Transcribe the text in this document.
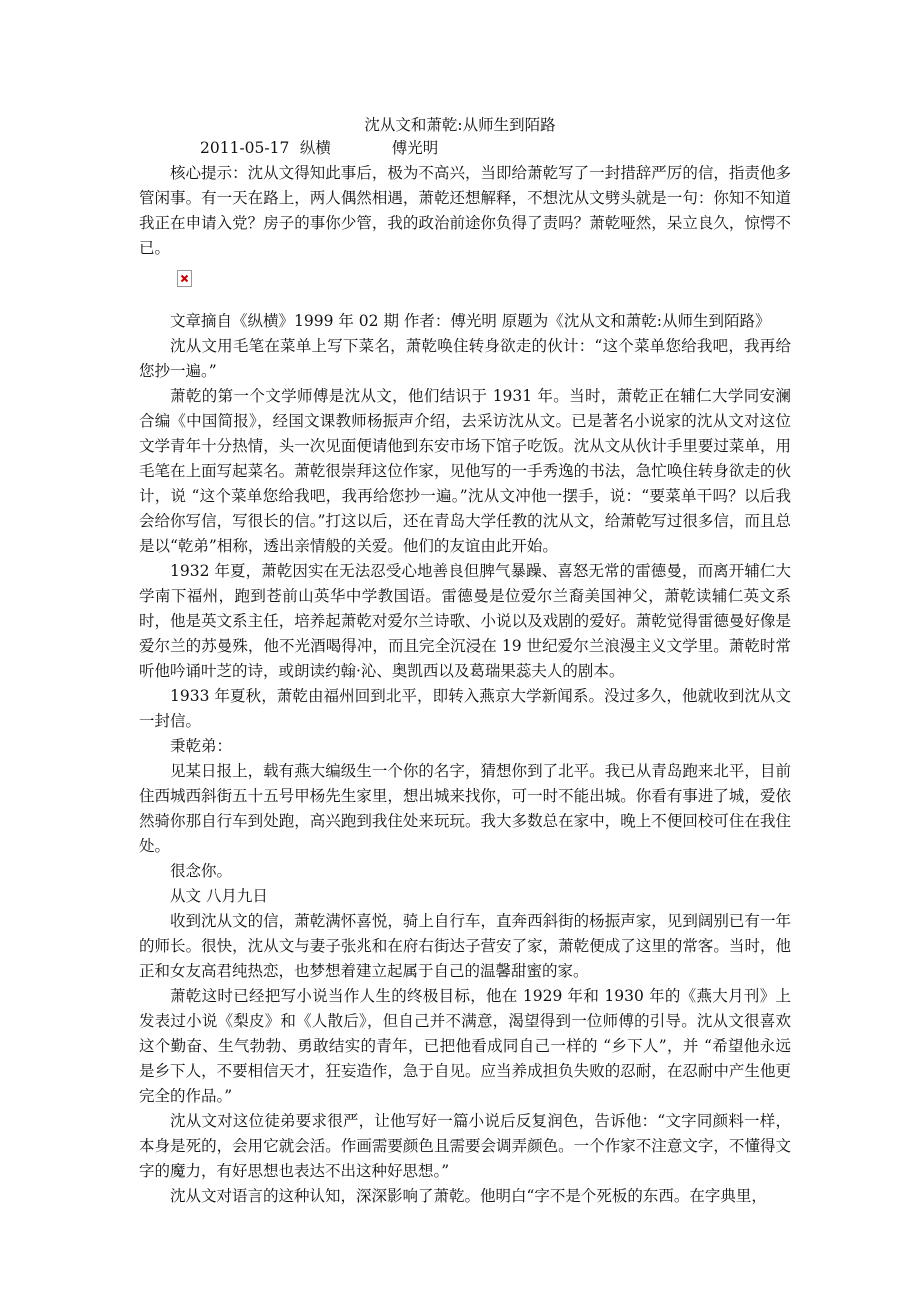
沈从文和萧乾:从师生到陌路
2011-05-17 纵横	傅光明

核心提示：沈从文得知此事后，极为不高兴，当即给萧乾写了一封措辞严厉的信，指责他多管闲事。有一天在路上，两人偶然相遇，萧乾还想解释，不想沈从文劈头就是一句：你知不知道我正在申请入党？房子的事你少管，我的政治前途你负得了责吗？萧乾哑然，呆立良久，惊愕不已。

文章摘自《纵横》1999 年 02 期 作者：傅光明 原题为《沈从文和萧乾:从师生到陌路》

沈从文用毛笔在菜单上写下菜名，萧乾唤住转身欲走的伙计：“这个菜单您给我吧，我再给您抄一遍。”

萧乾的第一个文学师傅是沈从文，他们结识于 1931 年。当时，萧乾正在辅仁大学同安澜合编《中国简报》，经国文课教师杨振声介绍，去采访沈从文。已是著名小说家的沈从文对这位文学青年十分热情，头一次见面便请他到东安市场下馆子吃饭。沈从文从伙计手里要过菜单，用毛笔在上面写起菜名。萧乾很崇拜这位作家，见他写的一手秀逸的书法，急忙唤住转身欲走的伙计，说 “这个菜单您给我吧，我再给您抄一遍。”沈从文冲他一摆手，说：“要菜单干吗？以后我会给你写信，写很长的信。”打这以后，还在青岛大学任教的沈从文，给萧乾写过很多信，而且总是以“乾弟”相称，透出亲情般的关爱。他们的友谊由此开始。

1932 年夏，萧乾因实在无法忍受心地善良但脾气暴躁、喜怒无常的雷德曼，而离开辅仁大学南下福州，跑到苍前山英华中学教国语。雷德曼是位爱尔兰裔美国神父，萧乾读辅仁英文系时，他是英文系主任，培养起萧乾对爱尔兰诗歌、小说以及戏剧的爱好。萧乾觉得雷德曼好像是爱尔兰的苏曼殊，他不光酒喝得冲，而且完全沉浸在 19 世纪爱尔兰浪漫主义文学里。萧乾时常听他吟诵叶芝的诗，或朗读约翰·沁、奥凯西以及葛瑞果蕊夫人的剧本。

1933 年夏秋，萧乾由福州回到北平，即转入燕京大学新闻系。没过多久，他就收到沈从文一封信。

秉乾弟：

见某日报上，载有燕大编级生一个你的名字，猜想你到了北平。我已从青岛跑来北平，目前住西城西斜街五十五号甲杨先生家里，想出城来找你，可一时不能出城。你看有事进了城，爱依然骑你那自行车到处跑，高兴跑到我住处来玩玩。我大多数总在家中，晚上不便回校可住在我住处。

很念你。

从文 八月九日

收到沈从文的信，萧乾满怀喜悦，骑上自行车，直奔西斜街的杨振声家，见到阔别已有一年的师长。很快，沈从文与妻子张兆和在府右街达子营安了家，萧乾便成了这里的常客。当时，他正和女友高君纯热恋，也梦想着建立起属于自己的温馨甜蜜的家。

萧乾这时已经把写小说当作人生的终极目标，他在 1929 年和 1930 年的《燕大月刊》上发表过小说《梨皮》和《人散后》，但自己并不满意，渴望得到一位师傅的引导。沈从文很喜欢这个勤奋、生气勃勃、勇敢结实的青年，已把他看成同自己一样的 “乡下人”，并 “希望他永远是乡下人，不要相信天才，狂妄造作，急于自见。应当养成担负失败的忍耐，在忍耐中产生他更完全的作品。”

沈从文对这位徒弟要求很严，让他写好一篇小说后反复润色，告诉他：“文字同颜料一样，本身是死的，会用它就会活。作画需要颜色且需要会调弄颜色。一个作家不注意文字，不懂得文字的魔力，有好思想也表达不出这种好思想。”

沈从文对语言的这种认知，深深影响了萧乾。他明白“字不是个死板的东西。在字典里，
